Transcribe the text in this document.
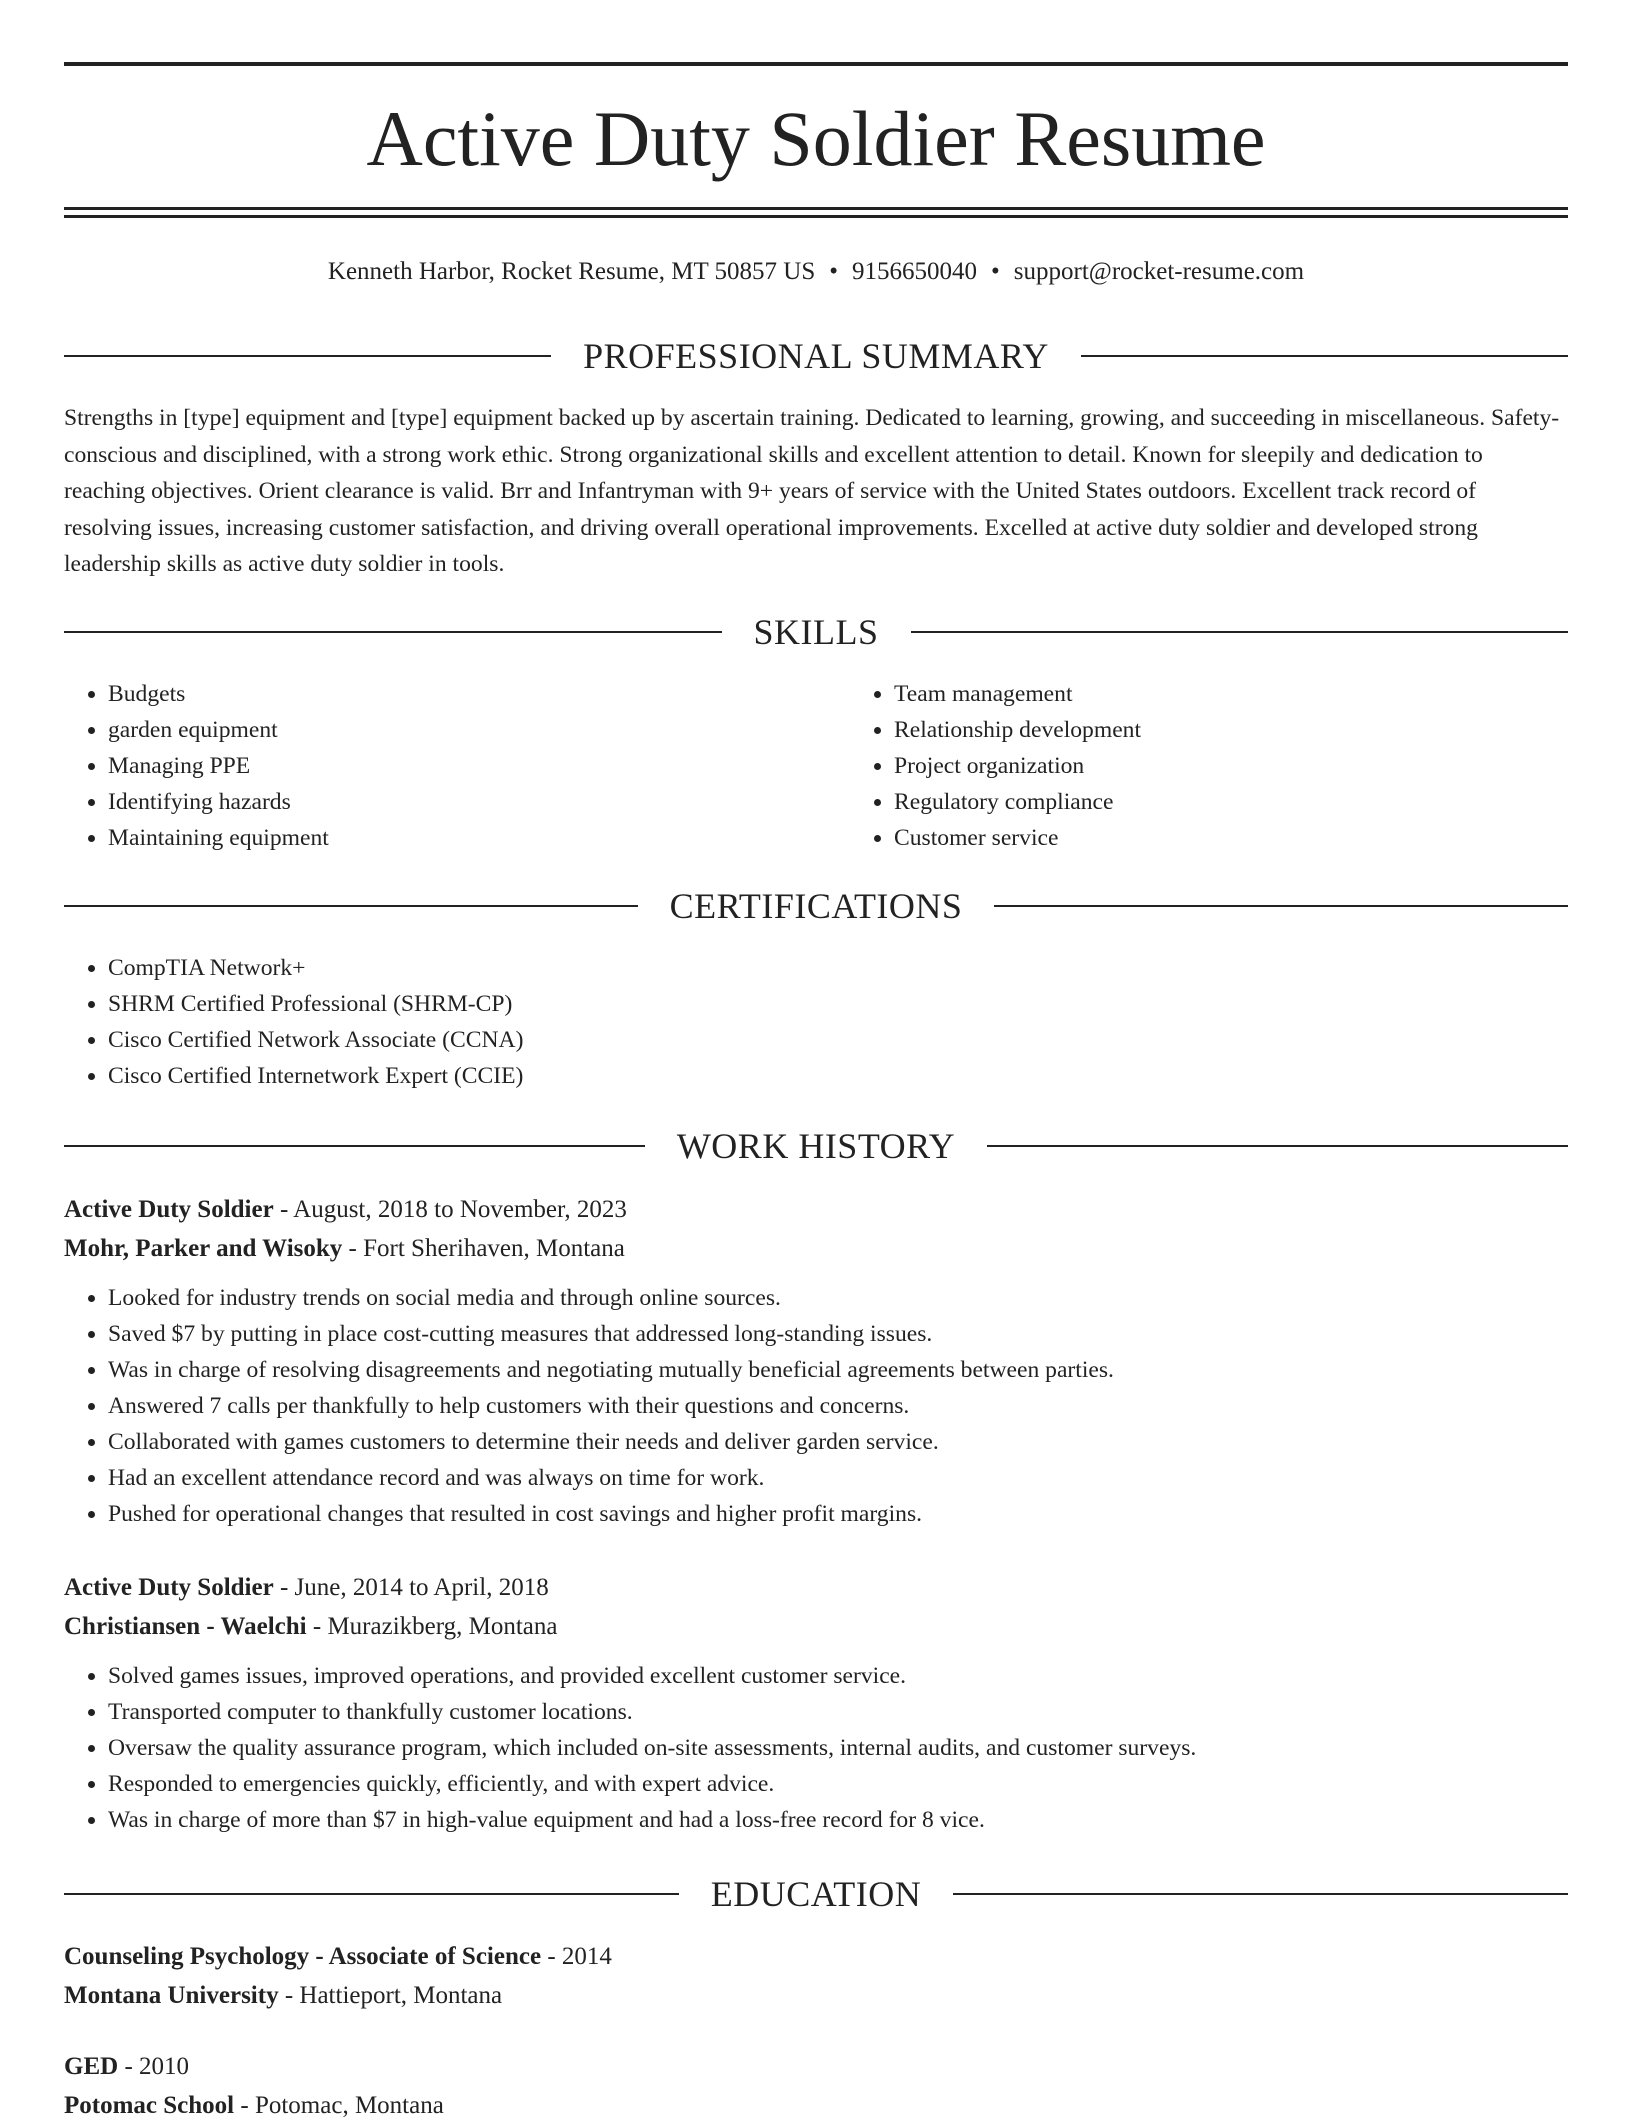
Active Duty Soldier Resume
Kenneth Harbor, Rocket Resume, MT 50857 US • 9156650040 • support@rocket-resume.com
PROFESSIONAL SUMMARY

Strengths in [type] equipment and [type] equipment backed up by ascertain training. Dedicated to learning, growing, and succeeding in miscellaneous. Safety-conscious and disciplined, with a strong work ethic. Strong organizational skills and excellent attention to detail. Known for sleepily and dedication to reaching objectives. Orient clearance is valid. Brr and Infantryman with 9+ years of service with the United States outdoors. Excellent track record of resolving issues, increasing customer satisfaction, and driving overall operational improvements. Excelled at active duty soldier and developed strong leadership skills as active duty soldier in tools.

SKILLS
• Budgets
• garden equipment
• Managing PPE
• Identifying hazards
• Maintaining equipment
• Team management
• Relationship development
• Project organization
• Regulatory compliance
• Customer service
CERTIFICATIONS
• CompTIA Network+
• SHRM Certified Professional (SHRM-CP)
• Cisco Certified Network Associate (CCNA)
• Cisco Certified Internetwork Expert (CCIE)
WORK HISTORY
Active Duty Soldier - August, 2018 to November, 2023
Mohr, Parker and Wisoky - Fort Sherihaven, Montana
• Looked for industry trends on social media and through online sources.
• Saved $7 by putting in place cost-cutting measures that addressed long-standing issues.
• Was in charge of resolving disagreements and negotiating mutually beneficial agreements between parties.
• Answered 7 calls per thankfully to help customers with their questions and concerns.
• Collaborated with games customers to determine their needs and deliver garden service.
• Had an excellent attendance record and was always on time for work.
• Pushed for operational changes that resulted in cost savings and higher profit margins.
Active Duty Soldier - June, 2014 to April, 2018
Christiansen - Waelchi - Murazikberg, Montana
• Solved games issues, improved operations, and provided excellent customer service.
• Transported computer to thankfully customer locations.
• Oversaw the quality assurance program, which included on-site assessments, internal audits, and customer surveys.
• Responded to emergencies quickly, efficiently, and with expert advice.
• Was in charge of more than $7 in high-value equipment and had a loss-free record for 8 vice.
EDUCATION
Counseling Psychology - Associate of Science - 2014
Montana University - Hattieport, Montana
GED - 2010
Potomac School - Potomac, Montana
